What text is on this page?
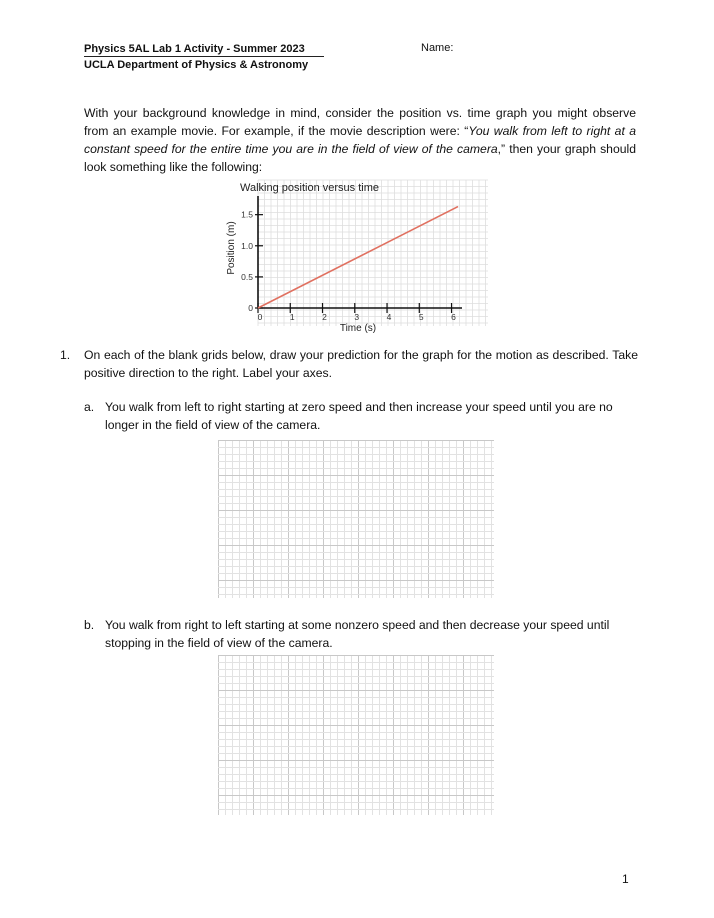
Physics 5AL Lab 1 Activity - Summer 2023
UCLA Department of Physics & Astronomy
Name:
With your background knowledge in mind, consider the position vs. time graph you might observe from an example movie. For example, if the movie description were: “You walk from left to right at a constant speed for the entire time you are in the field of view of the camera,” then your graph should look something like the following:
Walking position versus time
0	1	2	3	4	5	6
0
0.5
1.0
1.5
Time (s)
Position (m)
1. On each of the blank grids below, draw your prediction for the graph for the motion as described. Take positive direction to the right. Label your axes.
a. You walk from left to right starting at zero speed and then increase your speed until you are no longer in the field of view of the camera.
b. You walk from right to left starting at some nonzero speed and then decrease your speed until stopping in the field of view of the camera.
1
